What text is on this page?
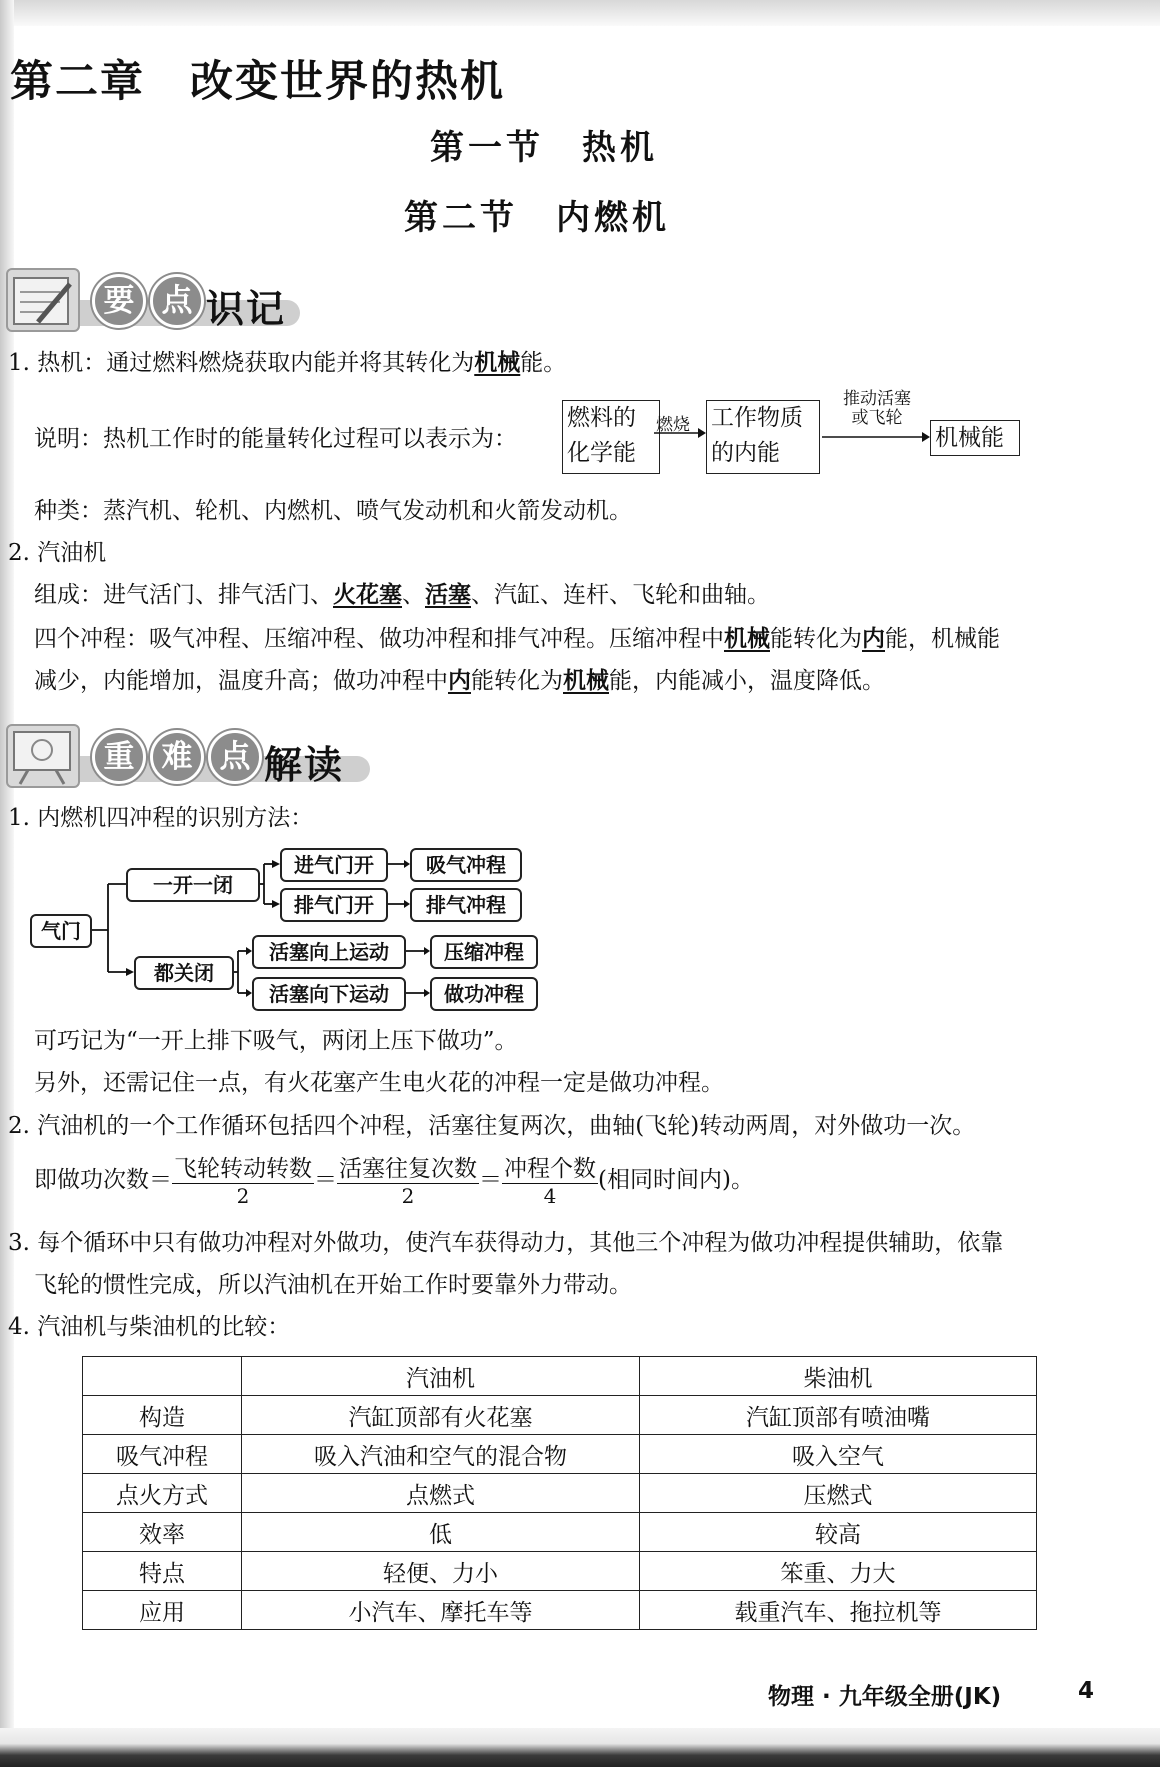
第二章　改变世界的热机
第一节　热机
第二节　内燃机
要 点 识记
1. 热机：通过燃料燃烧获取内能并将其转化为机械能。
说明：热机工作时的能量转化过程可以表示为：
燃料的
化学能
燃烧 工作物质
的内能
推动活塞
或飞轮
机械能
种类：蒸汽机、轮机、内燃机、喷气发动机和火箭发动机。
2. 汽油机
组成：进气活门、排气活门、火花塞、活塞、汽缸、连杆、飞轮和曲轴。
四个冲程：吸气冲程、压缩冲程、做功冲程和排气冲程。压缩冲程中机械能转化为内能，机械能
减少，内能增加，温度升高；做功冲程中内能转化为机械能，内能减小，温度降低。
重 难 点 解读
1. 内燃机四冲程的识别方法：
气门
一开一闭
都关闭
进气门开	吸气冲程
排气门开	排气冲程
活塞向上运动	压缩冲程
活塞向下运动	做功冲程
可巧记为“一开上排下吸气，两闭上压下做功”。
另外，还需记住一点，有火花塞产生电火花的冲程一定是做功冲程。
2. 汽油机的一个工作循环包括四个冲程，活塞往复两次，曲轴(飞轮)转动两周，对外做功一次。
即做功次数＝ $\frac{\text{飞轮转动转数}}{2} = \frac{\text{活塞往复次数}}{2} = \frac{\text{冲程个数}}{4}$ (相同时间内)。
3. 每个循环中只有做功冲程对外做功，使汽车获得动力，其他三个冲程为做功冲程提供辅助，依靠
飞轮的惯性完成，所以汽油机在开始工作时要靠外力带动。
4. 汽油机与柴油机的比较：
	汽油机	柴油机
构造	汽缸顶部有火花塞	汽缸顶部有喷油嘴
吸气冲程	吸入汽油和空气的混合物	吸入空气
点火方式	点燃式	压燃式
效率	低	较高
特点	轻便、力小	笨重、力大
应用	小汽车、摩托车等	载重汽车、拖拉机等
物理 · 九年级全册(JK)	4
